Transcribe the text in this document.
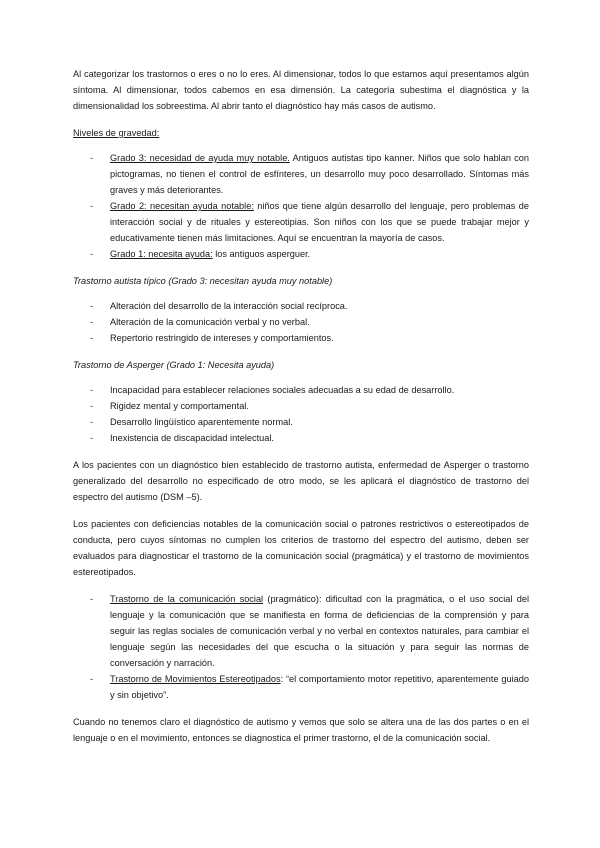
Al categorizar los trastornos o eres o no lo eres. Al dimensionar, todos lo que estamos aquí presentamos algún síntoma. Al dimensionar, todos cabemos en esa dimensión. La categoría subestima el diagnóstica y la dimensionalidad los sobreestima. Al abrir tanto el diagnóstico hay más casos de autismo.

Niveles de gravedad:

- Grado 3: necesidad de ayuda muy notable. Antiguos autistas tipo kanner. Niños que solo hablan con pictogramas, no tienen el control de esfínteres, un desarrollo muy poco desarrollado. Síntomas más graves y más deteriorantes.
- Grado 2: necesitan ayuda notable: niños que tiene algún desarrollo del lenguaje, pero problemas de interacción social y de rituales y estereotipias. Son niños con los que se puede trabajar mejor y educativamente tienen más limitaciones. Aquí se encuentran la mayoría de casos.
- Grado 1: necesita ayuda: los antiguos asperguer.

Trastorno autista típico (Grado 3: necesitan ayuda muy notable)

- Alteración del desarrollo de la interacción social recíproca.
- Alteración de la comunicación verbal y no verbal.
- Repertorio restringido de intereses y comportamientos.

Trastorno de Asperger (Grado 1: Necesita ayuda)

- Incapacidad para establecer relaciones sociales adecuadas a su edad de desarrollo.
- Rigidez mental y comportamental.
- Desarrollo lingüístico aparentemente normal.
- Inexistencia de discapacidad intelectual.

A los pacientes con un diagnóstico bien establecido de trastorno autista, enfermedad de Asperger o trastorno generalizado del desarrollo no especificado de otro modo, se les aplicará el diagnóstico de trastorno del espectro del autismo (DSM –5).

Los pacientes con deficiencias notables de la comunicación social o patrones restrictivos o estereotipados de conducta, pero cuyos síntomas no cumplen los criterios de trastorno del espectro del autismo, deben ser evaluados para diagnosticar el trastorno de la comunicación social (pragmática) y el trastorno de movimientos estereotipados.

- Trastorno de la comunicación social (pragmático): dificultad con la pragmática, o el uso social del lenguaje y la comunicación que se manifiesta en forma de deficiencias de la comprensión y para seguir las reglas sociales de comunicación verbal y no verbal en contextos naturales, para cambiar el lenguaje según las necesidades del que escucha o la situación y para seguir las normas de conversación y narración.
- Trastorno de Movimientos Estereotipados: “el comportamiento motor repetitivo, aparentemente guiado y sin objetivo”.

Cuando no tenemos claro el diagnóstico de autismo y vemos que solo se altera una de las dos partes o en el lenguaje o en el movimiento, entonces se diagnostica el primer trastorno, el de la comunicación social.
